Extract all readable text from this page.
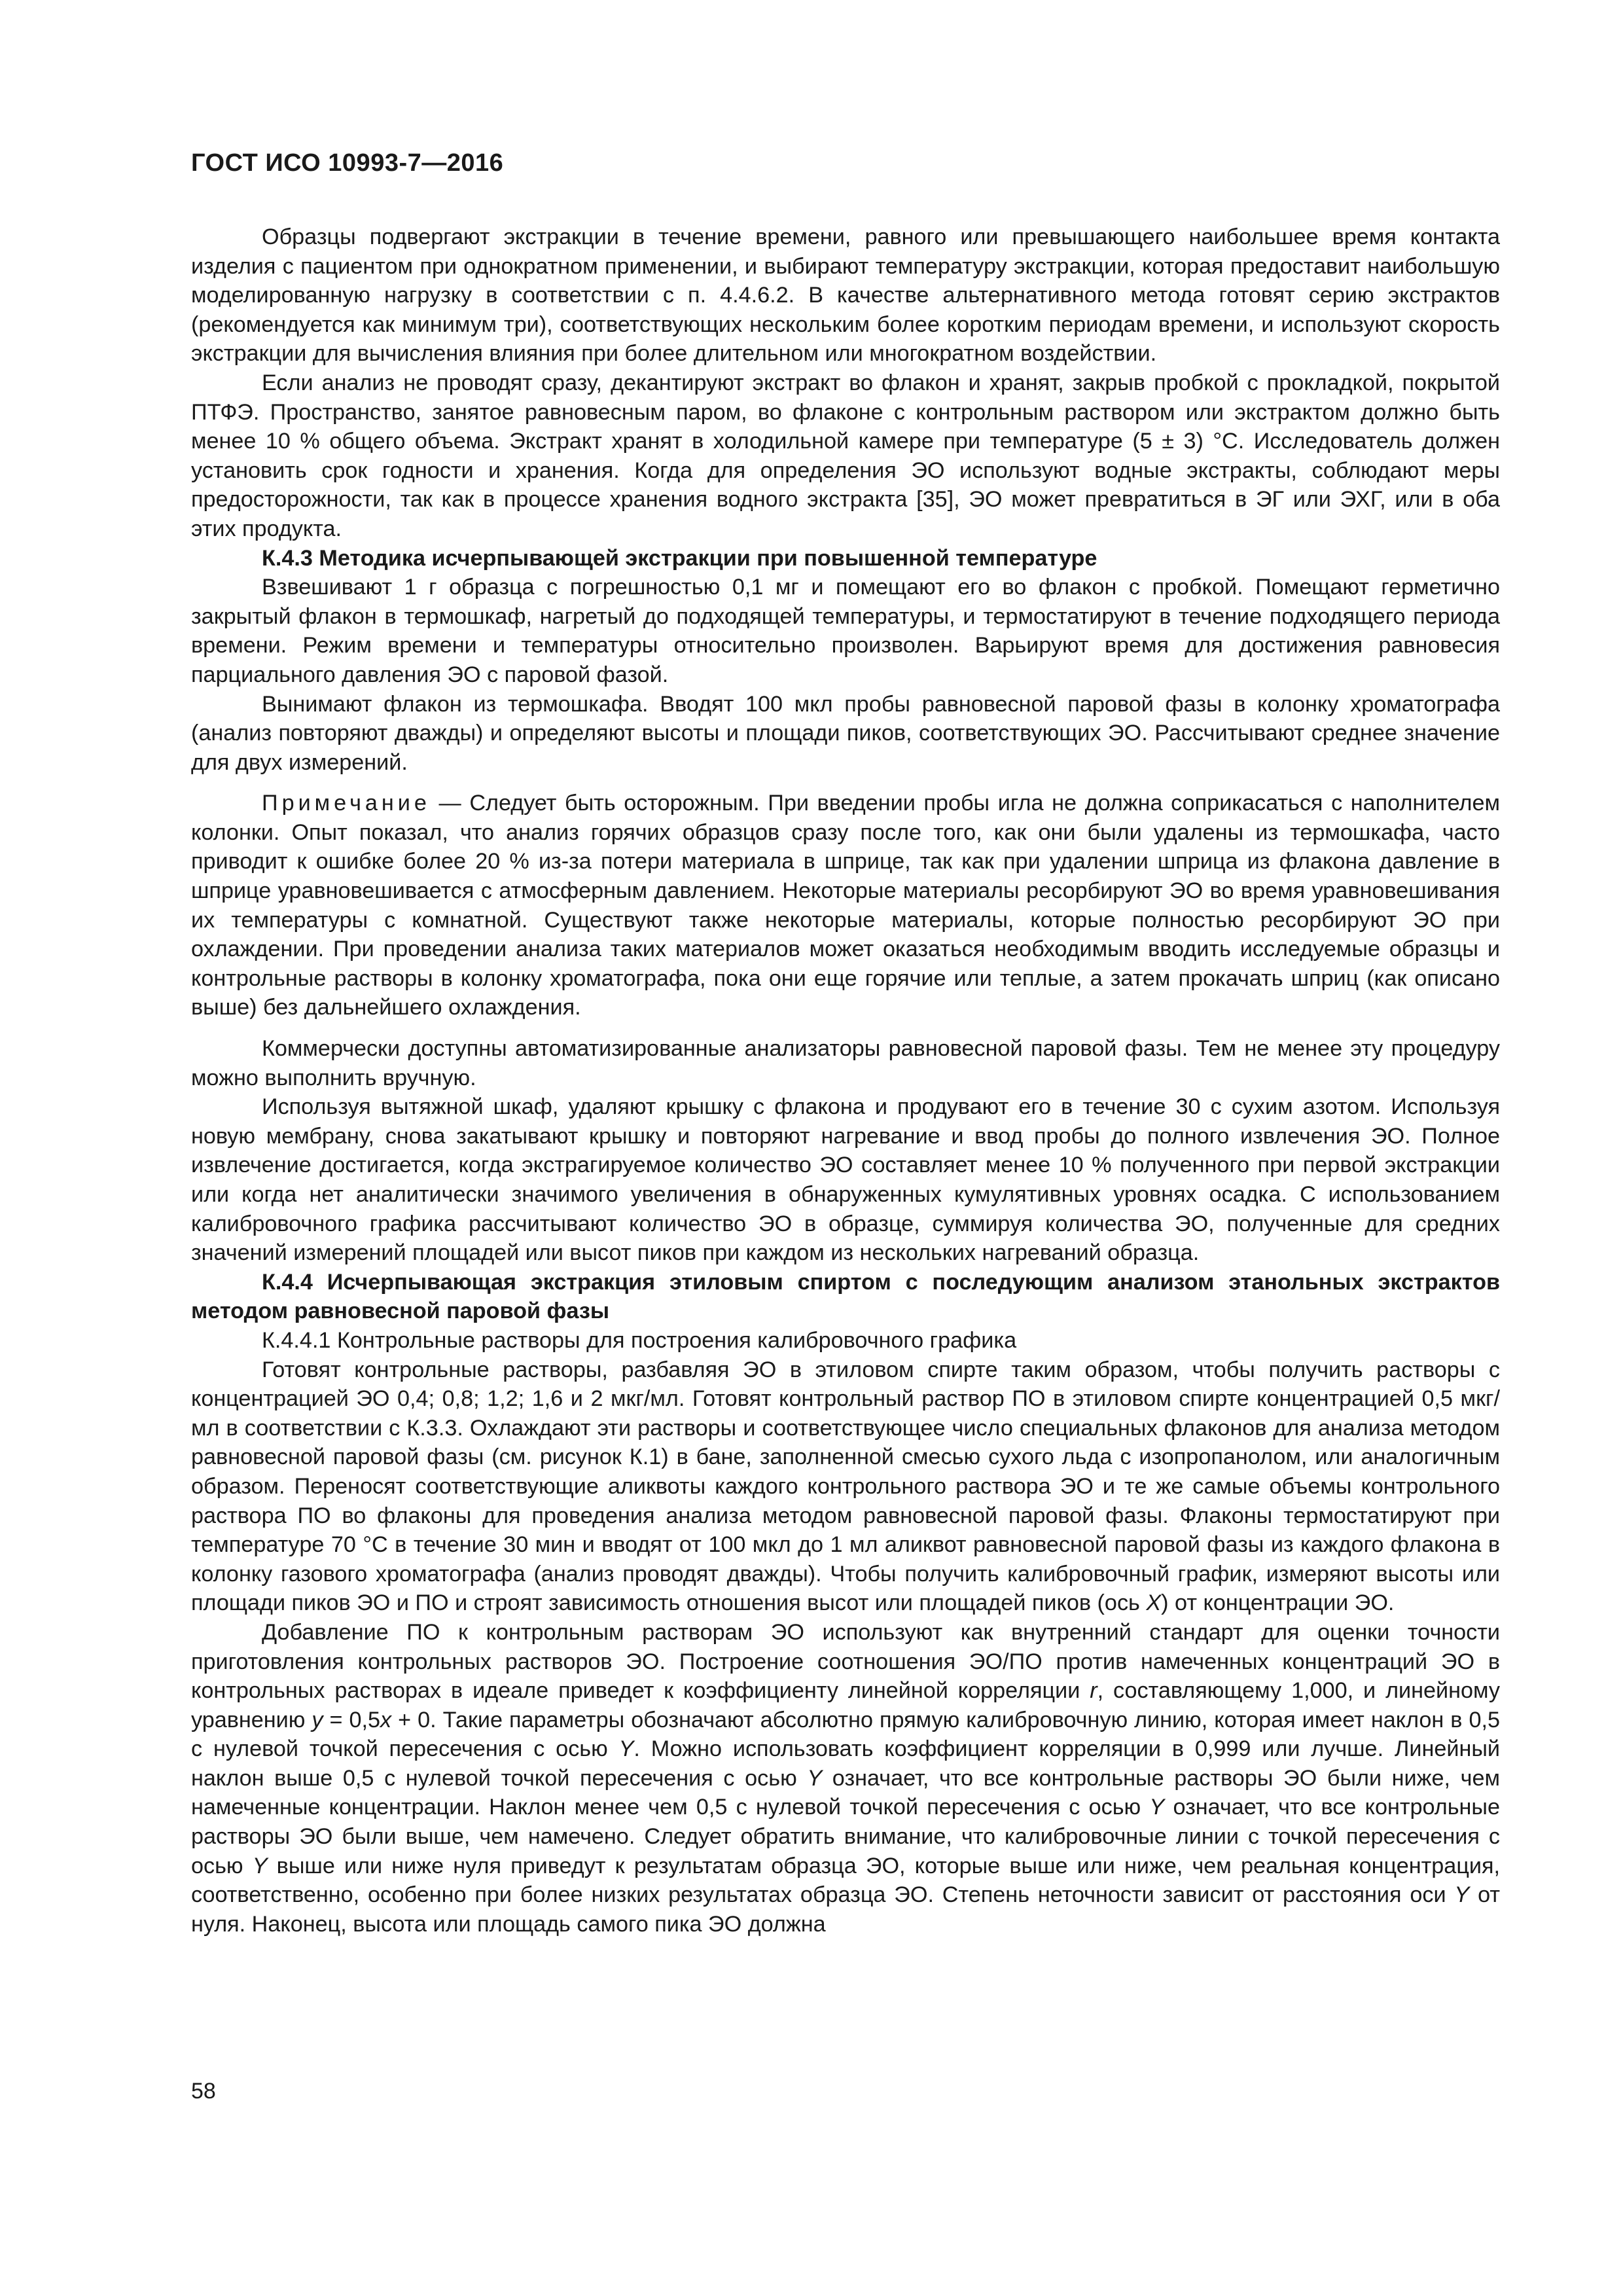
ГОСТ ИСО 10993-7—2016

Образцы подвергают экстракции в течение времени, равного или превышающего наибольшее время контакта изделия с пациентом при однократном применении, и выбирают температуру экстракции, которая предоставит наибольшую моделированную нагрузку в соответствии с п. 4.4.6.2. В качестве альтернативного метода готовят серию экстрактов (рекомендуется как минимум три), соответствующих нескольким более коротким периодам времени, и используют скорость экстракции для вычисления влияния при более длительном или многократном воздействии.

Если анализ не проводят сразу, декантируют экстракт во флакон и хранят, закрыв пробкой с прокладкой, покрытой ПТФЭ. Пространство, занятое равновесным паром, во флаконе с контрольным раствором или экстрактом должно быть менее 10 % общего объема. Экстракт хранят в холодильной камере при температуре (5 ± 3) °С. Исследователь должен установить срок годности и хранения. Когда для определения ЭО используют водные экстракты, соблюдают меры предосторожности, так как в процессе хранения водного экстракта [35], ЭО может превратиться в ЭГ или ЭХГ, или в оба этих продукта.

К.4.3 Методика исчерпывающей экстракции при повышенной температуре

Взвешивают 1 г образца с погрешностью 0,1 мг и помещают его во флакон с пробкой. Помещают герметично закрытый флакон в термошкаф, нагретый до подходящей температуры, и термостатируют в течение подходящего периода времени. Режим времени и температуры относительно произволен. Варьируют время для достижения равновесия парциального давления ЭО с паровой фазой.

Вынимают флакон из термошкафа. Вводят 100 мкл пробы равновесной паровой фазы в колонку хроматографа (анализ повторяют дважды) и определяют высоты и площади пиков, соответствующих ЭО. Рассчитывают среднее значение для двух измерений.

Примечание — Следует быть осторожным. При введении пробы игла не должна соприкасаться с наполнителем колонки. Опыт показал, что анализ горячих образцов сразу после того, как они были удалены из термошкафа, часто приводит к ошибке более 20 % из-за потери материала в шприце, так как при удалении шприца из флакона давление в шприце уравновешивается с атмосферным давлением. Некоторые материалы ресорбируют ЭО во время уравновешивания их температуры с комнатной. Существуют также некоторые материалы, которые полностью ресорбируют ЭО при охлаждении. При проведении анализа таких материалов может оказаться необходимым вводить исследуемые образцы и контрольные растворы в колонку хроматографа, пока они еще горячие или теплые, а затем прокачать шприц (как описано выше) без дальнейшего охлаждения.

Коммерчески доступны автоматизированные анализаторы равновесной паровой фазы. Тем не менее эту процедуру можно выполнить вручную.

Используя вытяжной шкаф, удаляют крышку с флакона и продувают его в течение 30 с сухим азотом. Используя новую мембрану, снова закатывают крышку и повторяют нагревание и ввод пробы до полного извлечения ЭО. Полное извлечение достигается, когда экстрагируемое количество ЭО составляет менее 10 % полученного при первой экстракции или когда нет аналитически значимого увеличения в обнаруженных кумулятивных уровнях осадка. С использованием калибровочного графика рассчитывают количество ЭО в образце, суммируя количества ЭО, полученные для средних значений измерений площадей или высот пиков при каждом из нескольких нагреваний образца.

К.4.4 Исчерпывающая экстракция этиловым спиртом с последующим анализом этанольных экстрактов методом равновесной паровой фазы

К.4.4.1 Контрольные растворы для построения калибровочного графика

Готовят контрольные растворы, разбавляя ЭО в этиловом спирте таким образом, чтобы получить растворы с концентрацией ЭО 0,4; 0,8; 1,2; 1,6 и 2 мкг/мл. Готовят контрольный раствор ПО в этиловом спирте концентрацией 0,5 мкг/мл в соответствии с К.3.3. Охлаждают эти растворы и соответствующее число специальных флаконов для анализа методом равновесной паровой фазы (см. рисунок К.1) в бане, заполненной смесью сухого льда с изопропанолом, или аналогичным образом. Переносят соответствующие аликвоты каждого контрольного раствора ЭО и те же самые объемы контрольного раствора ПО во флаконы для проведения анализа методом равновесной паровой фазы. Флаконы термостатируют при температуре 70 °С в течение 30 мин и вводят от 100 мкл до 1 мл аликвот равновесной паровой фазы из каждого флакона в колонку газового хроматографа (анализ проводят дважды). Чтобы получить калибровочный график, измеряют высоты или площади пиков ЭО и ПО и строят зависимость отношения высот или площадей пиков (ось X) от концентрации ЭО.

Добавление ПО к контрольным растворам ЭО используют как внутренний стандарт для оценки точности приготовления контрольных растворов ЭО. Построение соотношения ЭО/ПО против намеченных концентраций ЭО в контрольных растворах в идеале приведет к коэффициенту линейной корреляции r, составляющему 1,000, и линейному уравнению y = 0,5x + 0. Такие параметры обозначают абсолютно прямую калибровочную линию, которая имеет наклон в 0,5 с нулевой точкой пересечения с осью Y. Можно использовать коэффициент корреляции в 0,999 или лучше. Линейный наклон выше 0,5 с нулевой точкой пересечения с осью Y означает, что все контрольные растворы ЭО были ниже, чем намеченные концентрации. Наклон менее чем 0,5 с нулевой точкой пересечения с осью Y означает, что все контрольные растворы ЭО были выше, чем намечено. Следует обратить внимание, что калибровочные линии с точкой пересечения с осью Y выше или ниже нуля приведут к результатам образца ЭО, которые выше или ниже, чем реальная концентрация, соответственно, особенно при более низких результатах образца ЭО. Степень неточности зависит от расстояния оси Y от нуля. Наконец, высота или площадь самого пика ЭО должна

58
